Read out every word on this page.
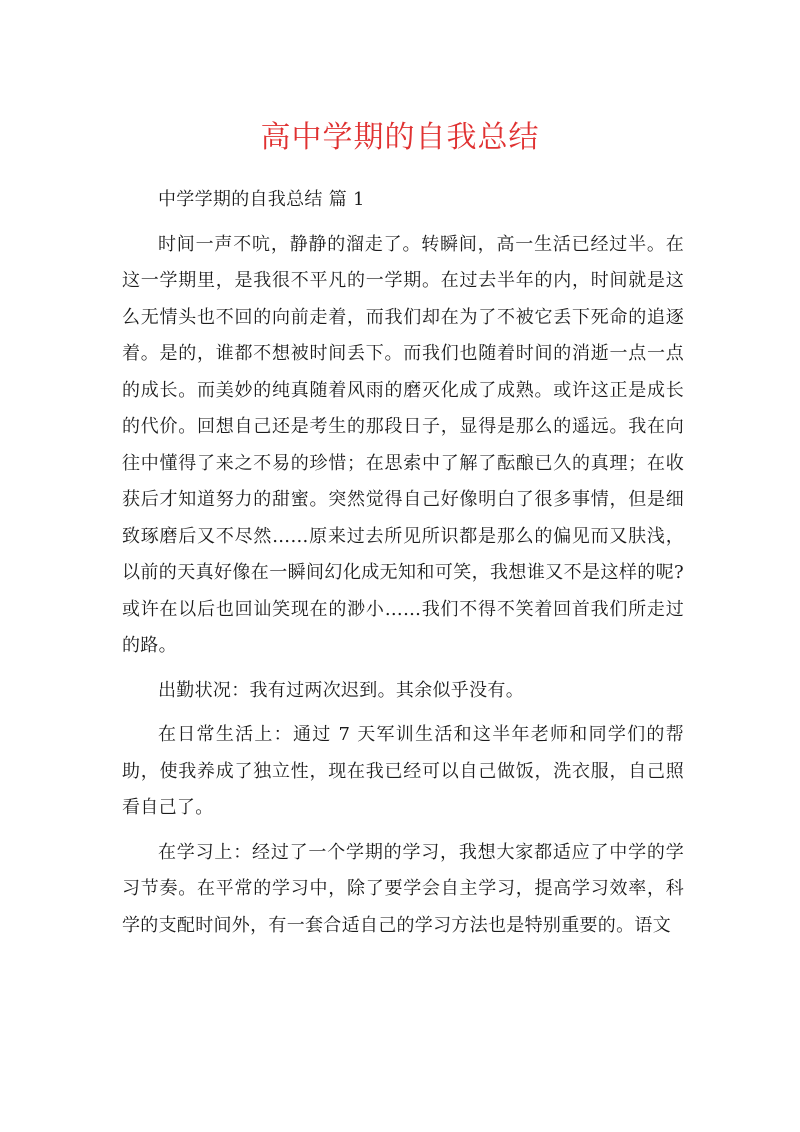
高中学期的自我总结

中学学期的自我总结 篇 1

时间一声不吭，静静的溜走了。转瞬间，高一生活已经过半。在这一学期里，是我很不平凡的一学期。在过去半年的内，时间就是这么无情头也不回的向前走着，而我们却在为了不被它丢下死命的追逐着。是的，谁都不想被时间丢下。而我们也随着时间的消逝一点一点的成长。而美妙的纯真随着风雨的磨灭化成了成熟。或许这正是成长的代价。回想自己还是考生的那段日子，显得是那么的遥远。我在向往中懂得了来之不易的珍惜；在思索中了解了酝酿已久的真理；在收获后才知道努力的甜蜜。突然觉得自己好像明白了很多事情，但是细致琢磨后又不尽然……原来过去所见所识都是那么的偏见而又肤浅，以前的天真好像在一瞬间幻化成无知和可笑，我想谁又不是这样的呢?或许在以后也回讪笑现在的渺小……我们不得不笑着回首我们所走过的路。

出勤状况：我有过两次迟到。其余似乎没有。

在日常生活上：通过 7 天军训生活和这半年老师和同学们的帮助，使我养成了独立性，现在我已经可以自己做饭，洗衣服，自己照看自己了。

在学习上：经过了一个学期的学习，我想大家都适应了中学的学习节奏。在平常的学习中，除了要学会自主学习，提高学习效率，科学的支配时间外，有一套合适自己的学习方法也是特别重要的。语文
